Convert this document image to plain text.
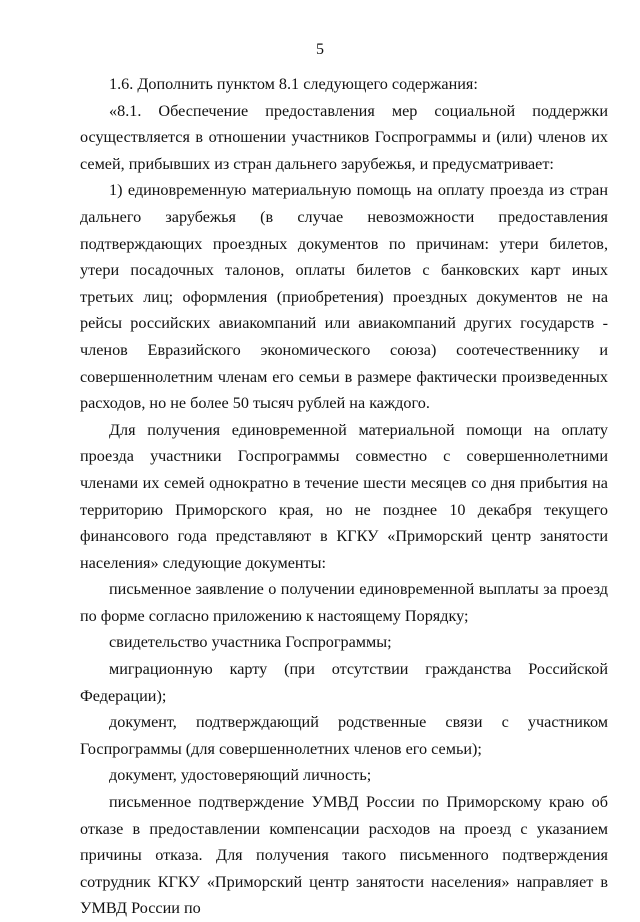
5

1.6. Дополнить пунктом 8.1 следующего содержания:

«8.1. Обеспечение предоставления мер социальной поддержки осуществляется в отношении участников Госпрограммы и (или) членов их семей, прибывших из стран дальнего зарубежья, и предусматривает:

1) единовременную материальную помощь на оплату проезда из стран дальнего зарубежья (в случае невозможности предоставления подтверждающих проездных документов по причинам: утери билетов, утери посадочных талонов, оплаты билетов с банковских карт иных третьих лиц; оформления (приобретения) проездных документов не на рейсы российских авиакомпаний или авиакомпаний других государств - членов Евразийского экономического союза) соотечественнику и совершеннолетним членам его семьи в размере фактически произведенных расходов, но не более 50 тысяч рублей на каждого.

Для получения единовременной материальной помощи на оплату проезда участники Госпрограммы совместно с совершеннолетними членами их семей однократно в течение шести месяцев со дня прибытия на территорию Приморского края, но не позднее 10 декабря текущего финансового года представляют в КГКУ «Приморский центр занятости населения» следующие документы:

письменное заявление о получении единовременной выплаты за проезд по форме согласно приложению к настоящему Порядку;

свидетельство участника Госпрограммы;

миграционную карту (при отсутствии гражданства Российской Федерации);

документ, подтверждающий родственные связи с участником Госпрограммы (для совершеннолетних членов его семьи);

документ, удостоверяющий личность;

письменное подтверждение УМВД России по Приморскому краю об отказе в предоставлении компенсации расходов на проезд с указанием причины отказа. Для получения такого письменного подтверждения сотрудник КГКУ «Приморский центр занятости населения» направляет в УМВД России по
